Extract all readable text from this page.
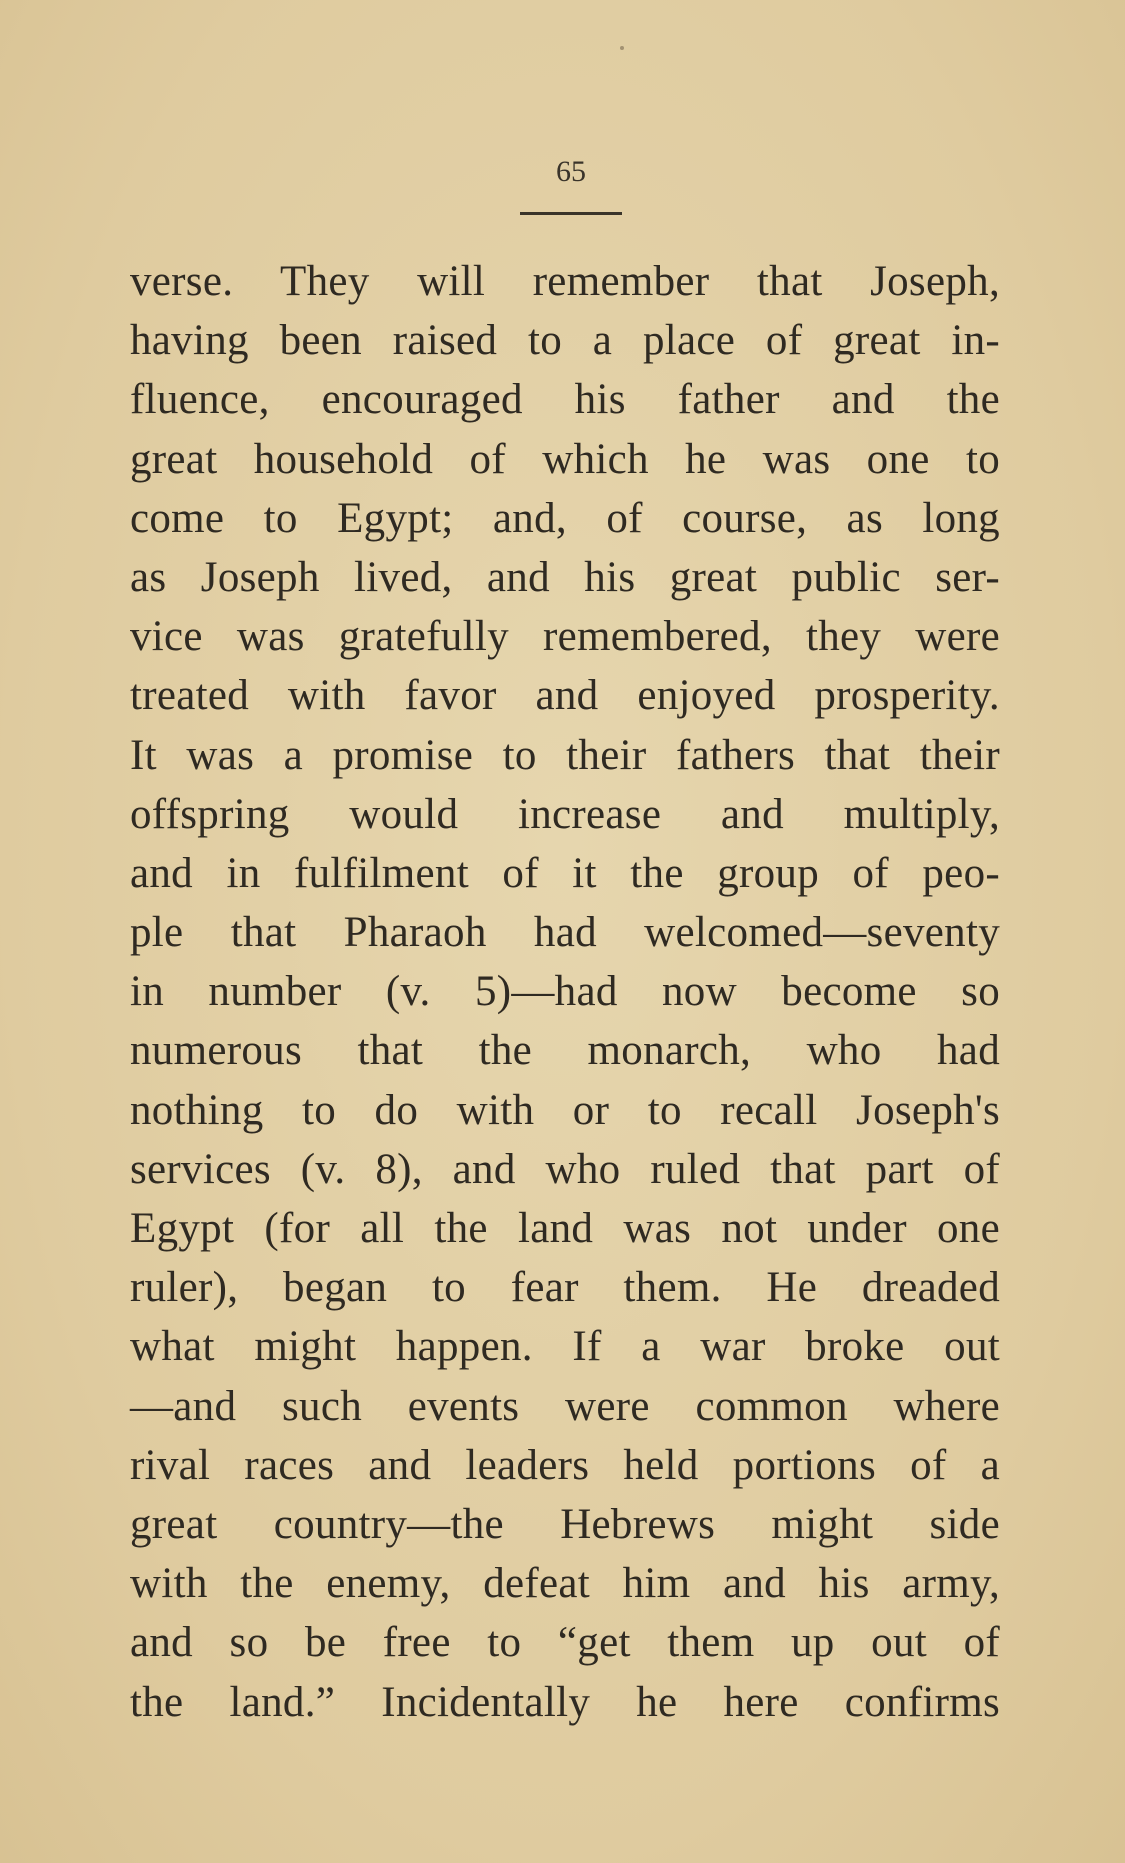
65
verse. They will remember that Joseph,
having been raised to a place of great in-
fluence, encouraged his father and the
great household of which he was one to
come to Egypt; and, of course, as long
as Joseph lived, and his great public ser-
vice was gratefully remembered, they were
treated with favor and enjoyed prosperity.
It was a promise to their fathers that their
offspring would increase and multiply,
and in fulfilment of it the group of peo-
ple that Pharaoh had welcomed—seventy
in number (v. 5)—had now become so
numerous that the monarch, who had
nothing to do with or to recall Joseph's
services (v. 8), and who ruled that part of
Egypt (for all the land was not under one
ruler), began to fear them. He dreaded
what might happen. If a war broke out
—and such events were common where
rival races and leaders held portions of a
great country—the Hebrews might side
with the enemy, defeat him and his army,
and so be free to “get them up out of
the land.” Incidentally he here confirms
